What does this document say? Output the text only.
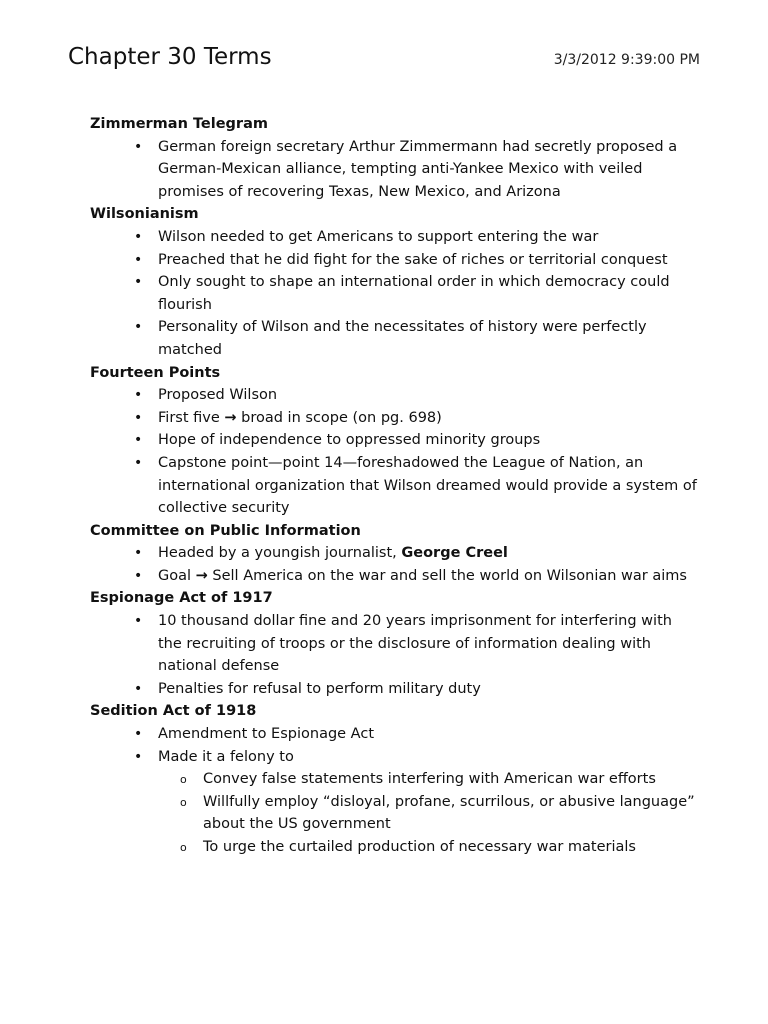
Chapter 30 Terms	3/3/2012 9:39:00 PM
Zimmerman Telegram
• German foreign secretary Arthur Zimmermann had secretly proposed a German-Mexican alliance, tempting anti-Yankee Mexico with veiled promises of recovering Texas, New Mexico, and Arizona
Wilsonianism
• Wilson needed to get Americans to support entering the war
• Preached that he did fight for the sake of riches or territorial conquest
• Only sought to shape an international order in which democracy could flourish
• Personality of Wilson and the necessitates of history were perfectly matched
Fourteen Points
• Proposed Wilson
• First five → broad in scope (on pg. 698)
• Hope of independence to oppressed minority groups
• Capstone point—point 14—foreshadowed the League of Nation, an international organization that Wilson dreamed would provide a system of collective security
Committee on Public Information
• Headed by a youngish journalist, George Creel
• Goal → Sell America on the war and sell the world on Wilsonian war aims
Espionage Act of 1917
• 10 thousand dollar fine and 20 years imprisonment for interfering with the recruiting of troops or the disclosure of information dealing with national defense
• Penalties for refusal to perform military duty
Sedition Act of 1918
• Amendment to Espionage Act
• Made it a felony to
o Convey false statements interfering with American war efforts
o Willfully employ “disloyal, profane, scurrilous, or abusive language” about the US government
o To urge the curtailed production of necessary war materials
